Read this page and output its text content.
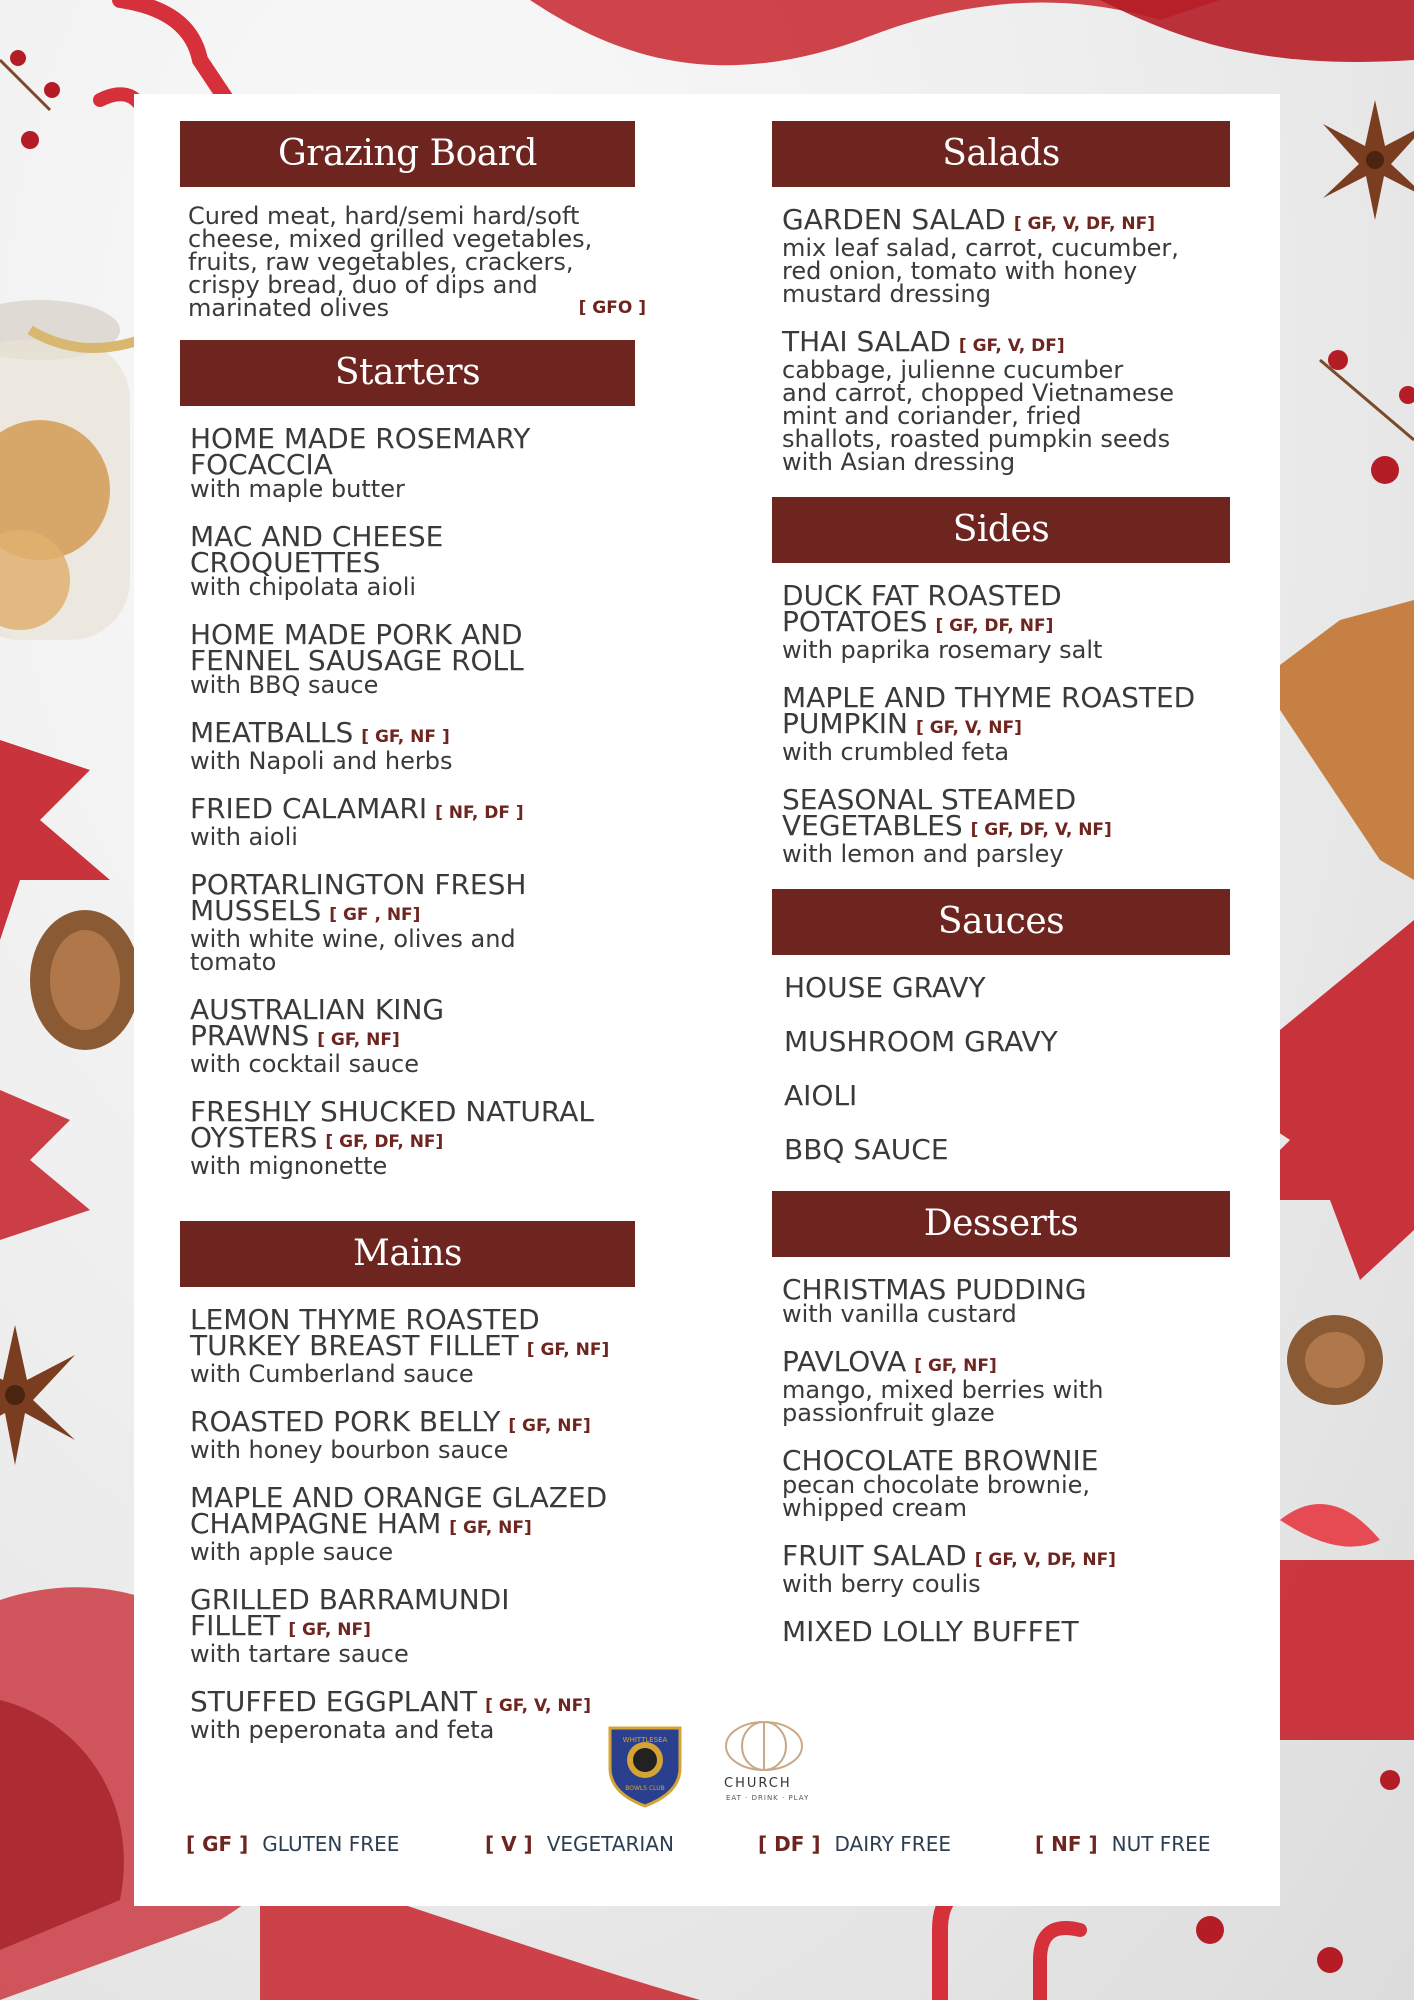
Grazing Board
Cured meat, hard/semi hard/soft
cheese, mixed grilled vegetables,
fruits, raw vegetables, crackers,
crispy bread, duo of dips and
marinated olives	[ GFO ]
Starters
HOME MADE ROSEMARY
FOCACCIA
with maple butter
MAC AND CHEESE
CROQUETTES
with chipolata aioli
HOME MADE PORK AND
FENNEL SAUSAGE ROLL
with BBQ sauce
MEATBALLS [ GF, NF ]
with Napoli and herbs
FRIED CALAMARI [ NF, DF ]
with aioli
PORTARLINGTON FRESH
MUSSELS [ GF , NF]
with white wine, olives and
tomato
AUSTRALIAN KING PRAWNS [ GF, NF]
with cocktail sauce
FRESHLY SHUCKED NATURAL
OYSTERS [ GF, DF, NF]
with mignonette
Mains
LEMON THYME ROASTED
TURKEY BREAST FILLET [ GF, NF]
with Cumberland sauce
ROASTED PORK BELLY [ GF, NF]
with honey bourbon sauce
MAPLE AND ORANGE GLAZED
CHAMPAGNE HAM [ GF, NF]
with apple sauce
GRILLED BARRAMUNDI FILLET [ GF, NF]
with tartare sauce
STUFFED EGGPLANT [ GF, V, NF]
with peperonata and feta
Salads
GARDEN SALAD [ GF, V, DF, NF]
mix leaf salad, carrot, cucumber,
red onion, tomato with honey
mustard dressing
THAI SALAD [ GF, V, DF]
cabbage, julienne cucumber
and carrot, chopped Vietnamese
mint and coriander, fried
shallots, roasted pumpkin seeds
with Asian dressing
Sides
DUCK FAT ROASTED
POTATOES [ GF, DF, NF]
with paprika rosemary salt
MAPLE AND THYME ROASTED
PUMPKIN [ GF, V, NF]
with crumbled feta
SEASONAL STEAMED
VEGETABLES [ GF, DF, V, NF]
with lemon and parsley
Sauces
HOUSE GRAVY
MUSHROOM GRAVY
AIOLI
BBQ SAUCE
Desserts
CHRISTMAS PUDDING
with vanilla custard
PAVLOVA [ GF, NF]
mango, mixed berries with
passionfruit glaze
CHOCOLATE BROWNIE
pecan chocolate brownie,
whipped cream
FRUIT SALAD [ GF, V, DF, NF]
with berry coulis
MIXED LOLLY BUFFET
WHITTLESEA
BOWLS CLUB	CHURCH
EAT · DRINK · PLAY
[ GF ] GLUTEN FREE	[ V ] VEGETARIAN	[ DF ] DAIRY FREE	[ NF ] NUT FREE
